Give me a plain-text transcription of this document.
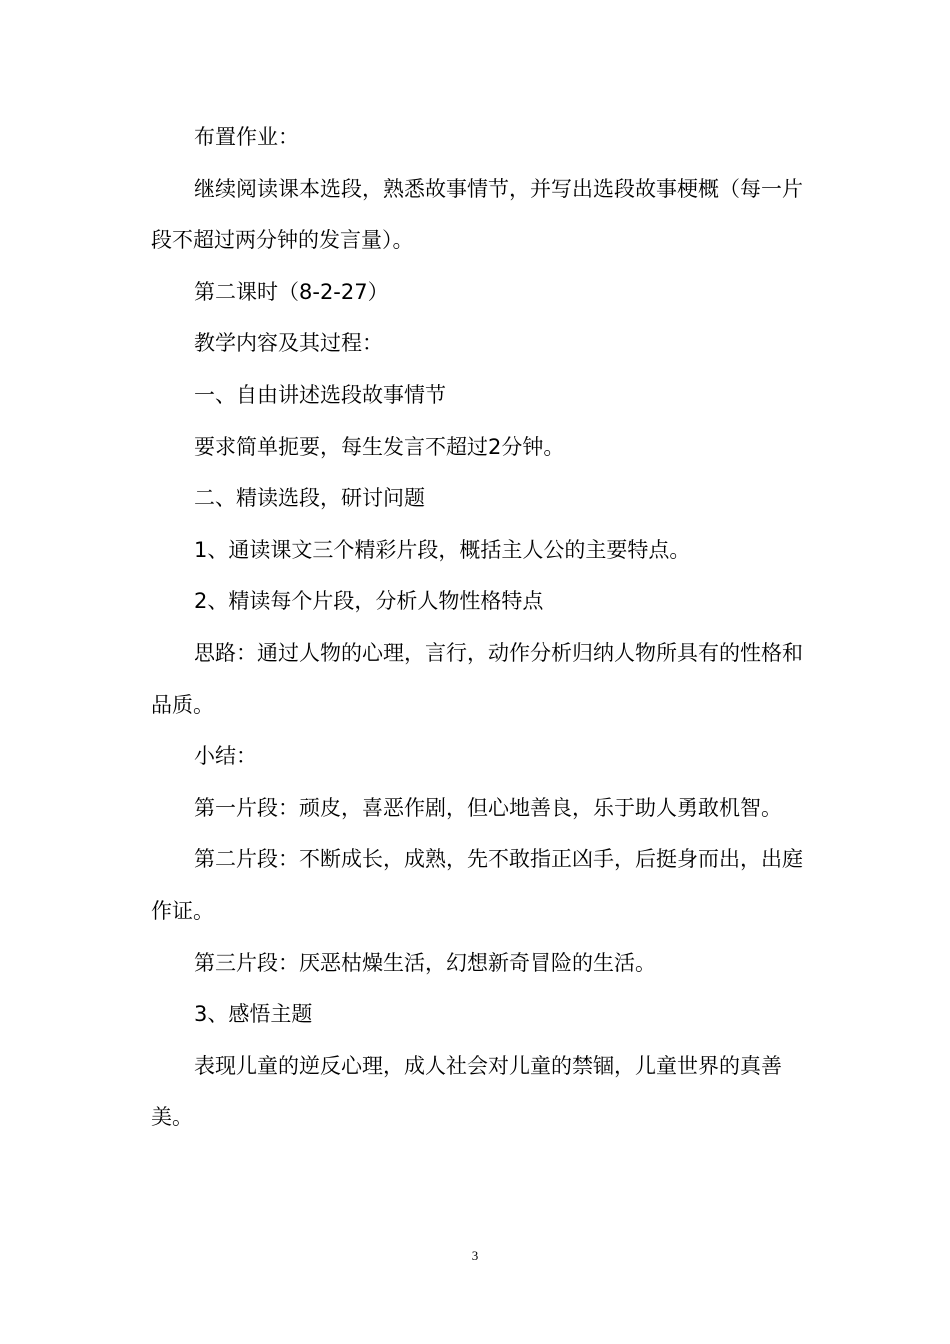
布置作业：

继续阅读课本选段，熟悉故事情节，并写出选段故事梗概（每一片段不超过两分钟的发言量）。

第二课时（8-2-27）

教学内容及其过程：

一、自由讲述选段故事情节

要求简单扼要，每生发言不超过2分钟。

二、精读选段，研讨问题

1、通读课文三个精彩片段，概括主人公的主要特点。

2、精读每个片段，分析人物性格特点

思路：通过人物的心理，言行，动作分析归纳人物所具有的性格和品质。

小结：

第一片段：顽皮，喜恶作剧，但心地善良，乐于助人勇敢机智。

第二片段：不断成长，成熟，先不敢指正凶手，后挺身而出，出庭作证。

第三片段：厌恶枯燥生活，幻想新奇冒险的生活。

3、感悟主题

表现儿童的逆反心理，成人社会对儿童的禁锢，儿童世界的真善美。

3
